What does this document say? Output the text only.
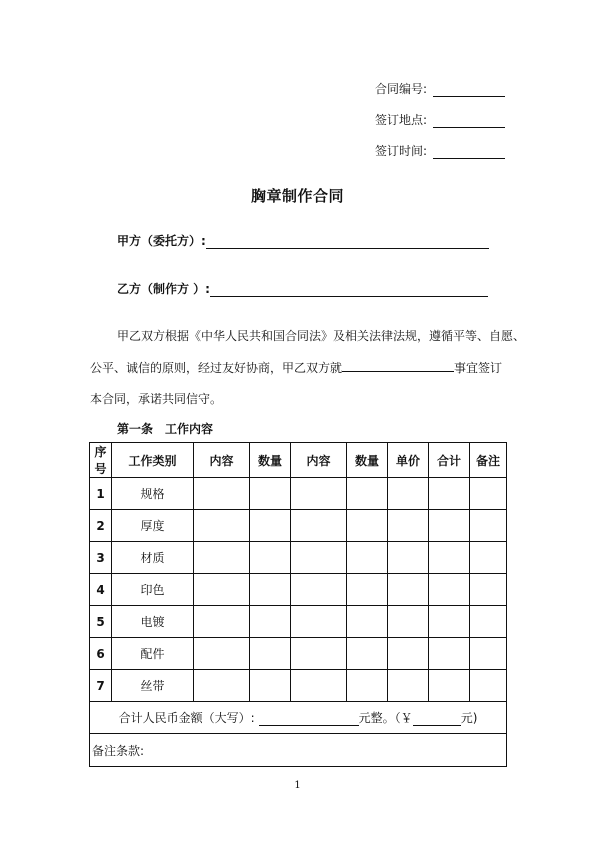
合同编号:
签订地点:
签订时间:
胸章制作合同
甲方（委托方）:
乙方（制作方 ）:
甲乙双方根据《中华人民共和国合同法》及相关法律法规，遵循平等、自愿、
公平、诚信的原则，经过友好协商，甲乙双方就	事宜签订
本合同，承诺共同信守。
第一条 工作内容
序号	工作类别	内容	数量	内容	数量	单价	合计	备注
1	规格							
2	厚度							
3	材质							
4	印色							
5	电镀							
6	配件							
7	丝带							

合计人民币金额（大写）: 元整。（￥ 元)								

备注条款:								
1
